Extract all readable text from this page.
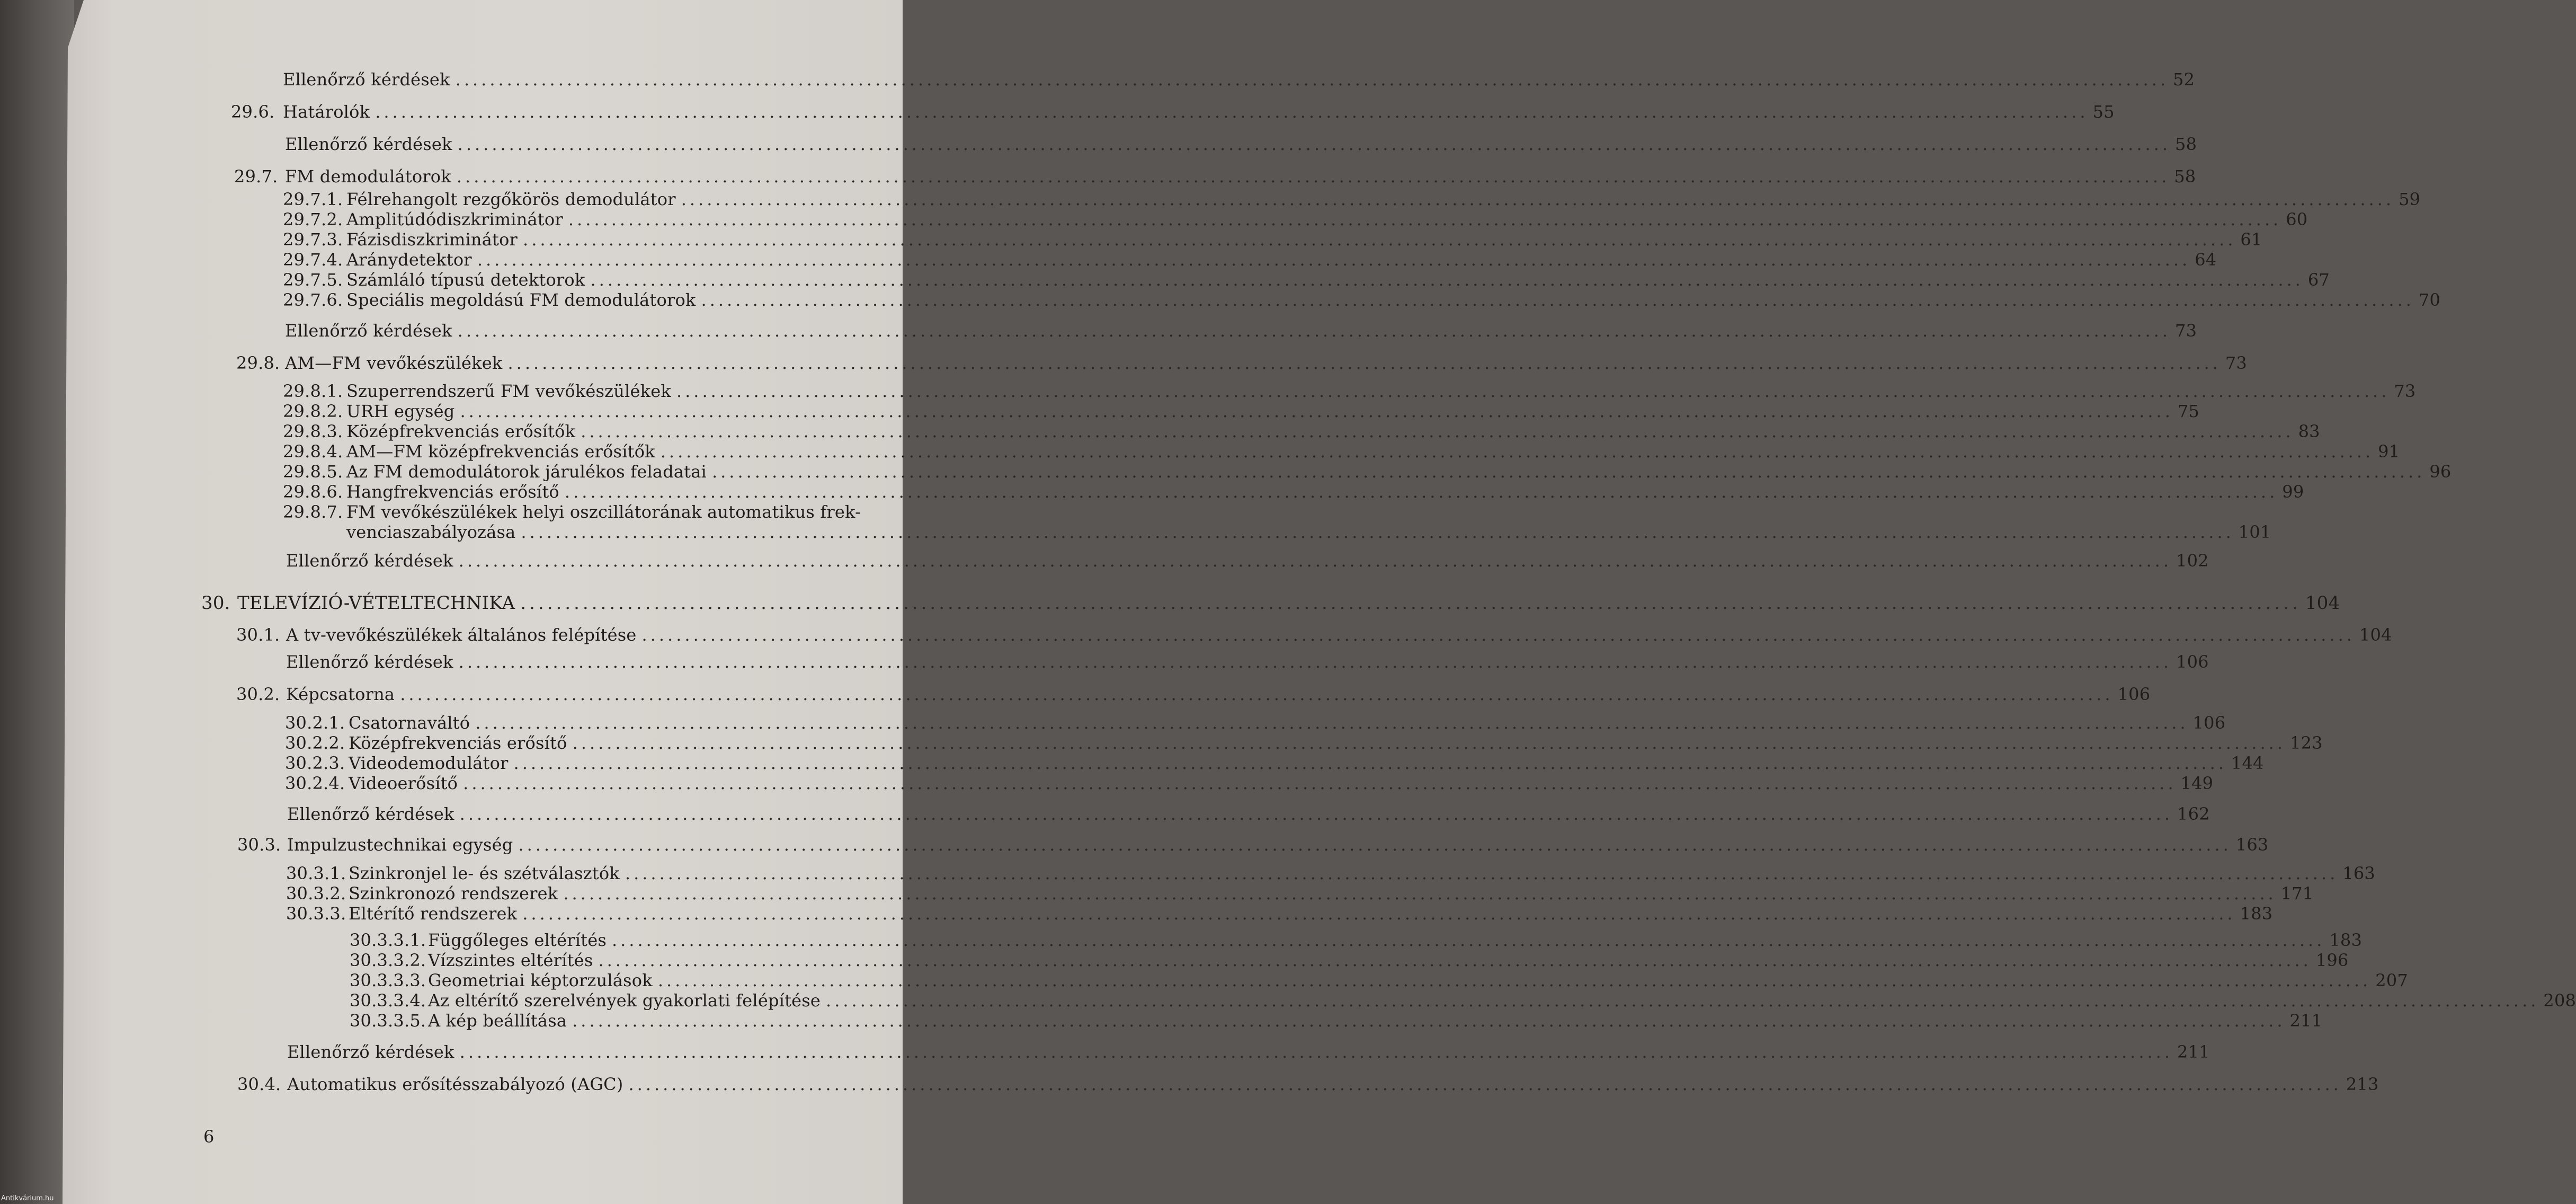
Ellenőrző kérdések ........................................................................................................................................................................................................ 52
29.6. Határolók ........................................................................................................................................................................................................ 55
Ellenőrző kérdések ........................................................................................................................................................................................................ 58
29.7. FM demodulátorok ........................................................................................................................................................................................................ 58
29.7.1. Félrehangolt rezgőkörös demodulátor ........................................................................................................................................................................................................ 59
29.7.2. Amplitúdódiszkriminátor ........................................................................................................................................................................................................ 60
29.7.3. Fázisdiszkriminátor ........................................................................................................................................................................................................ 61
29.7.4. Aránydetektor ........................................................................................................................................................................................................ 64
29.7.5. Számláló típusú detektorok ........................................................................................................................................................................................................ 67
29.7.6. Speciális megoldású FM demodulátorok ........................................................................................................................................................................................................ 70
Ellenőrző kérdések ........................................................................................................................................................................................................ 73
29.8. AM—FM vevőkészülékek ........................................................................................................................................................................................................ 73
29.8.1. Szuperrendszerű FM vevőkészülékek ........................................................................................................................................................................................................ 73
29.8.2. URH egység ........................................................................................................................................................................................................ 75
29.8.3. Középfrekvenciás erősítők ........................................................................................................................................................................................................ 83
29.8.4. AM—FM középfrekvenciás erősítők ........................................................................................................................................................................................................ 91
29.8.5. Az FM demodulátorok járulékos feladatai ........................................................................................................................................................................................................ 96
29.8.6. Hangfrekvenciás erősítő ........................................................................................................................................................................................................ 99
29.8.7. FM vevőkészülékek helyi oszcillátorának automatikus frek-
venciaszabályozása ........................................................................................................................................................................................................ 101
Ellenőrző kérdések ........................................................................................................................................................................................................ 102
30. TELEVÍZIÓ-VÉTELTECHNIKA ........................................................................................................................................................................................................ 104
30.1. A tv-vevőkészülékek általános felépítése ........................................................................................................................................................................................................ 104
Ellenőrző kérdések ........................................................................................................................................................................................................ 106
30.2. Képcsatorna ........................................................................................................................................................................................................ 106
30.2.1. Csatornaváltó ........................................................................................................................................................................................................ 106
30.2.2. Középfrekvenciás erősítő ........................................................................................................................................................................................................ 123
30.2.3. Videodemodulátor ........................................................................................................................................................................................................ 144
30.2.4. Videoerősítő ........................................................................................................................................................................................................ 149
Ellenőrző kérdések ........................................................................................................................................................................................................ 162
30.3. Impulzustechnikai egység ........................................................................................................................................................................................................ 163
30.3.1. Szinkronjel le- és szétválasztók ........................................................................................................................................................................................................ 163
30.3.2. Szinkronozó rendszerek ........................................................................................................................................................................................................ 171
30.3.3. Eltérítő rendszerek ........................................................................................................................................................................................................ 183
30.3.3.1. Függőleges eltérítés ........................................................................................................................................................................................................ 183
30.3.3.2. Vízszintes eltérítés ........................................................................................................................................................................................................ 196
30.3.3.3. Geometriai képtorzulások ........................................................................................................................................................................................................ 207
30.3.3.4. Az eltérítő szerelvények gyakorlati felépítése ........................................................................................................................................................................................................ 208
30.3.3.5. A kép beállítása ........................................................................................................................................................................................................ 211
Ellenőrző kérdések ........................................................................................................................................................................................................ 211
30.4. Automatikus erősítésszabályozó (AGC) ........................................................................................................................................................................................................ 213
6
Antikvárium.hu
